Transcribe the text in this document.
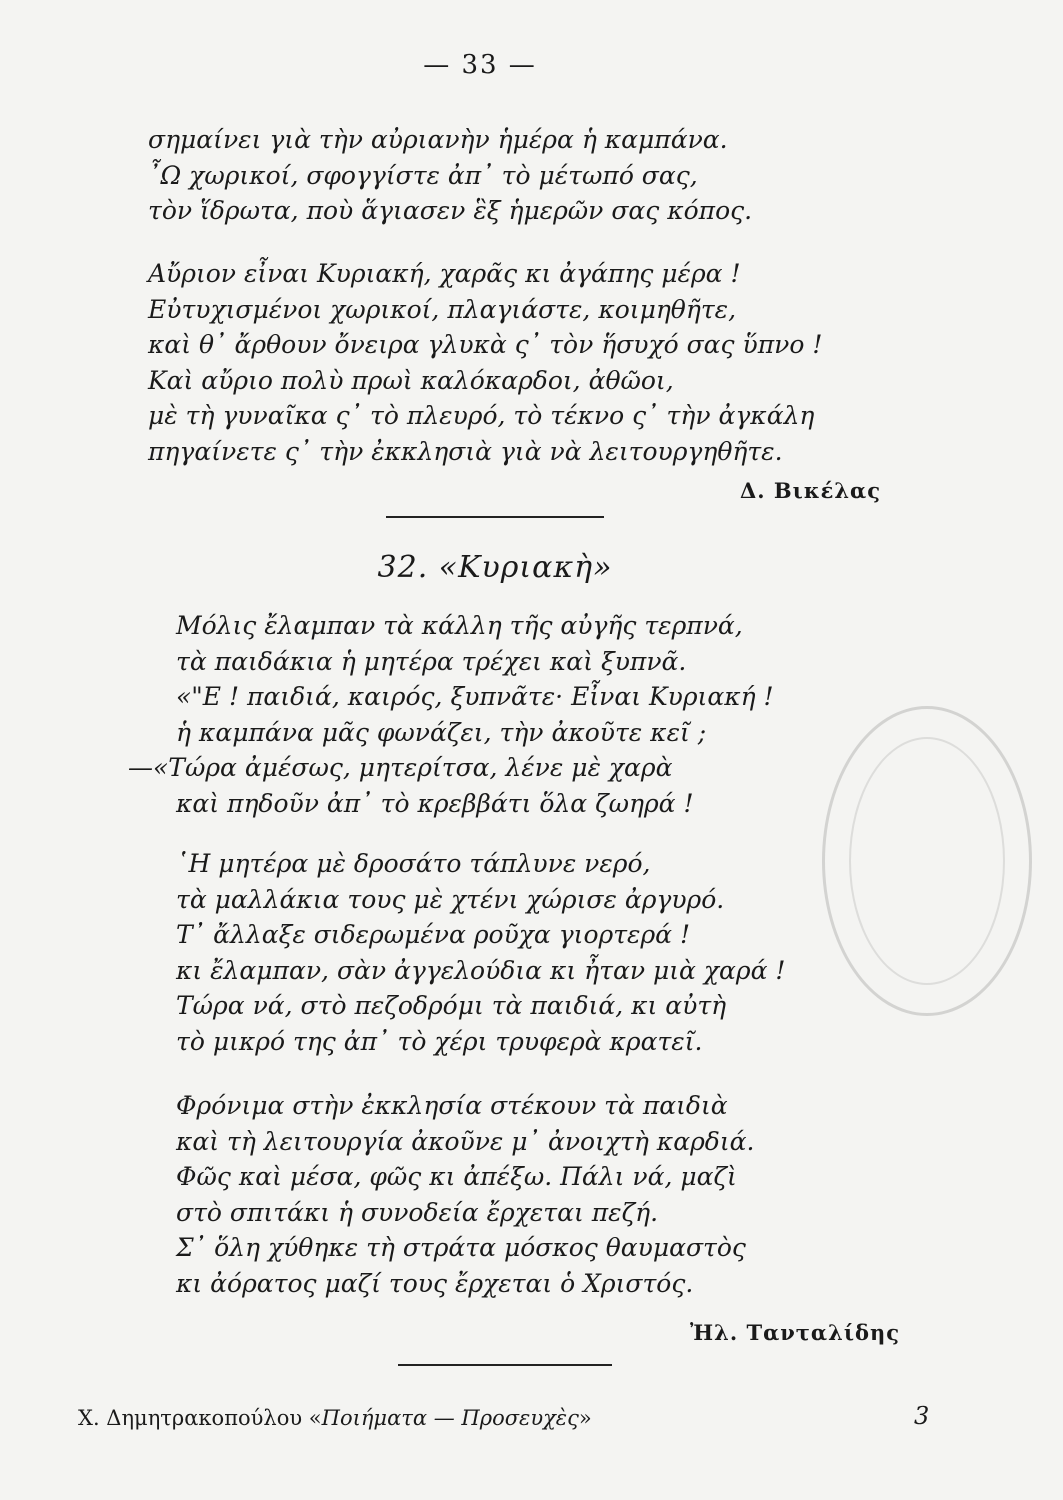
— 33 —
σημαίνει γιὰ τὴν αὐριανὴν ἡμέρα ἡ καμπάνα.
῏Ω χωρικοί, σφογγίστε ἀπ᾽ τὸ μέτωπό σας,
τὸν ἵδρωτα, ποὺ ἅγιασεν ἓξ ἡμερῶν σας κόπος.
Αὔριον εἶναι Κυριακή, χαρᾶς κι ἀγάπης μέρα !
Εὐτυχισμένοι χωρικοί, πλαγιάστε, κοιμηθῆτε,
καὶ θ᾽ ἄρθουν ὄνειρα γλυκὰ ς᾽ τὸν ἥσυχό σας ὕπνο !
Καὶ αὔριο πολὺ πρωὶ καλόκαρδοι, ἀθῶοι,
μὲ τὴ γυναῖκα ς᾽ τὸ πλευρό, τὸ τέκνο ς᾽ τὴν ἀγκάλη
πηγαίνετε ς᾽ τὴν ἐκκλησιὰ γιὰ νὰ λειτουργηθῆτε.
Δ. Βικέλας
32. «Κυριακὴ»
Μόλις ἔλαμπαν τὰ κάλλη τῆς αὐγῆς τερπνά,
τὰ παιδάκια ἡ μητέρα τρέχει καὶ ξυπνᾶ.
«"Ε ! παιδιά, καιρός, ξυπνᾶτε· Εἶναι Κυριακή !
ἡ καμπάνα μᾶς φωνάζει, τὴν ἀκοῦτε κεῖ ;
—«Τώρα ἀμέσως, μητερίτσα, λένε μὲ χαρὰ
καὶ πηδοῦν ἀπ᾽ τὸ κρεββάτι ὅλα ζωηρά !
῾Η μητέρα μὲ δροσάτο τάπλυνε νερό,
τὰ μαλλάκια τους μὲ χτένι χώρισε ἀργυρό.
Τ᾽ ἄλλαξε σιδερωμένα ροῦχα γιορτερά !
κι ἔλαμπαν, σὰν ἀγγελούδια κι ἦταν μιὰ χαρά !
Τώρα νά, στὸ πεζοδρόμι τὰ παιδιά, κι αὐτὴ
τὸ μικρό της ἀπ᾽ τὸ χέρι τρυφερὰ κρατεῖ.
Φρόνιμα στὴν ἐκκλησία στέκουν τὰ παιδιὰ
καὶ τὴ λειτουργία ἀκοῦνε μ᾽ ἀνοιχτὴ καρδιά.
Φῶς καὶ μέσα, φῶς κι ἀπέξω. Πάλι νά, μαζὶ
στὸ σπιτάκι ἡ συνοδεία ἔρχεται πεζή.
Σ᾽ ὅλη χύθηκε τὴ στράτα μόσκος θαυμαστὸς
κι ἀόρατος μαζί τους ἔρχεται ὁ Χριστός.
Ἠλ. Τανταλίδης
Χ. Δημητρακοπούλου «Ποιήματα — Προσευχὲς»	3
